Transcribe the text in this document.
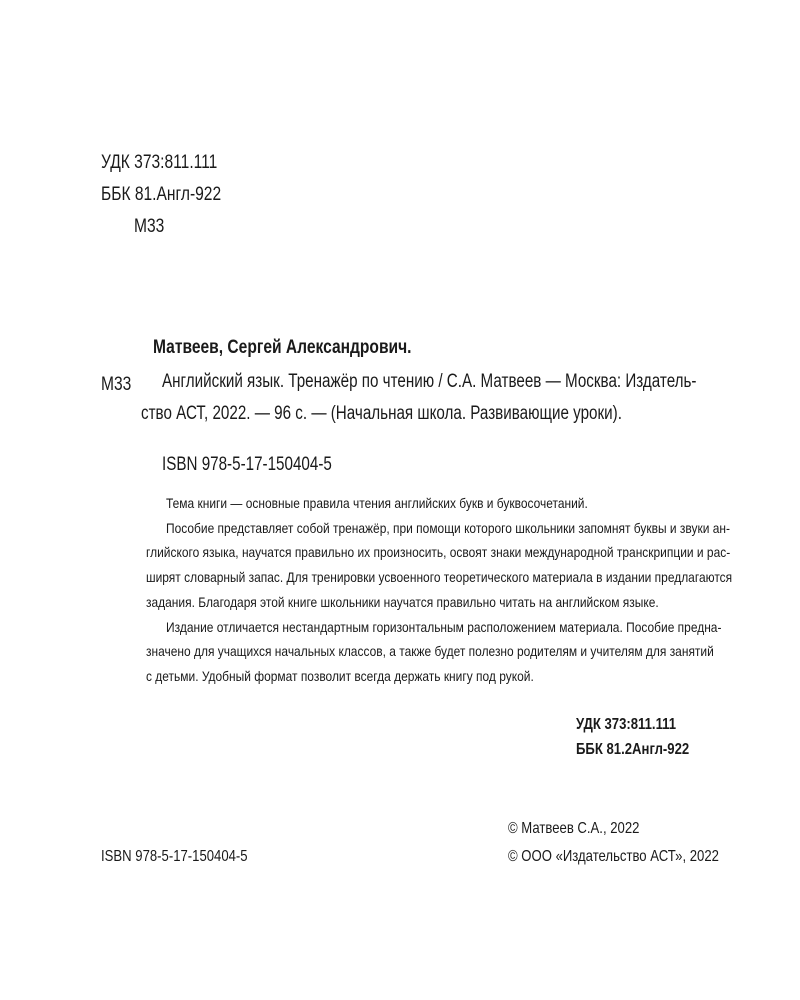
УДК 373:811.111
ББК 81.Англ-922
М33
Матвеев, Сергей Александрович.
М33	Английский язык. Тренажёр по чтению / С.А. Матвеев — Москва: Издатель-
ство АСТ, 2022. — 96 с. — (Начальная школа. Развивающие уроки).
ISBN 978-5-17-150404-5
Тема книги — основные правила чтения английских букв и буквосочетаний.
Пособие представляет собой тренажёр, при помощи которого школьники запомнят буквы и звуки ан-
глийского языка, научатся правильно их произносить, освоят знаки международной транскрипции и рас-
ширят словарный запас. Для тренировки усвоенного теоретического материала в издании предлагаются
задания. Благодаря этой книге школьники научатся правильно читать на английском языке.
Издание отличается нестандартным горизонтальным расположением материала. Пособие предна-
значено для учащихся начальных классов, а также будет полезно родителям и учителям для занятий
с детьми. Удобный формат позволит всегда держать книгу под рукой.
УДК 373:811.111
ББК 81.2Англ-922
© Матвеев С.А., 2022
ISBN 978-5-17-150404-5	© ООО «Издательство АСТ», 2022
